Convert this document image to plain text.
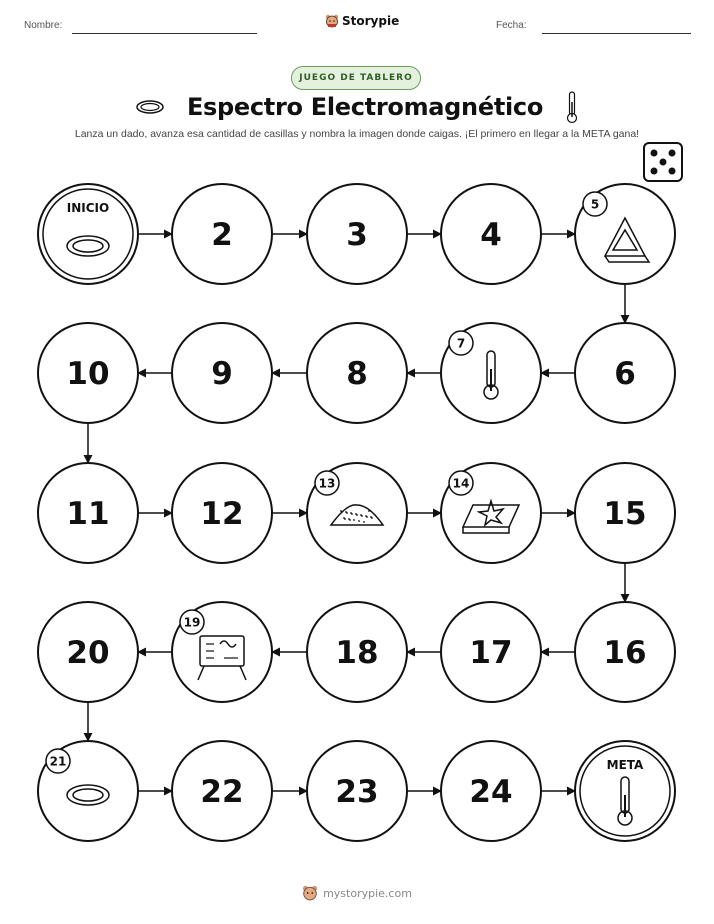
Nombre:	Fecha:
Storypie
JUEGO DE TABLERO
Espectro Electromagnético
Lanza un dado, avanza esa cantidad de casillas y nombra la imagen donde caigas. ¡El primero en llegar a la META gana!
INICIO
2	3	4
5
6
7
8
9
10
11	12
13	14
15
16
17
18
19
20
21
22	23	24
META
mystorypie.com
